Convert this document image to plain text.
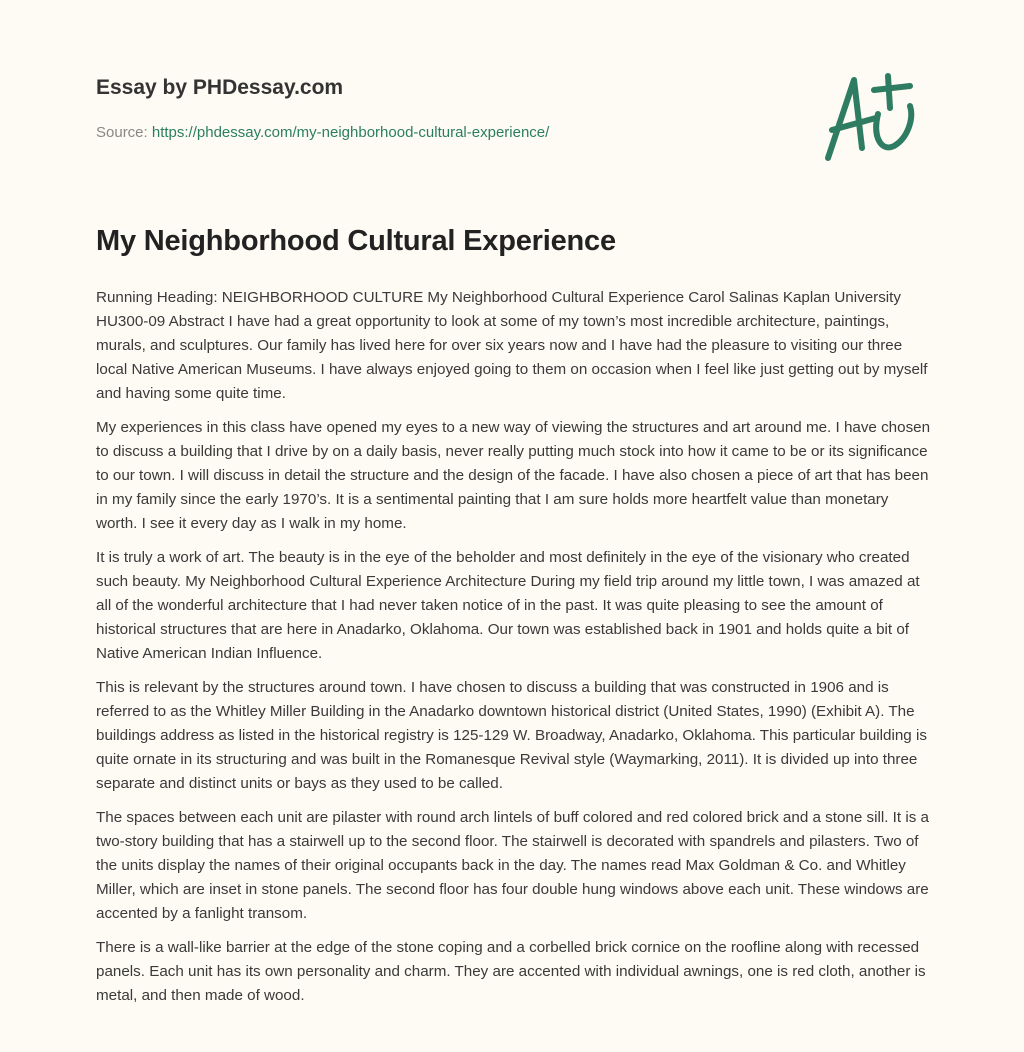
Essay by PHDessay.com
Source: https://phdessay.com/my-neighborhood-cultural-experience/
My Neighborhood Cultural Experience

Running Heading: NEIGHBORHOOD CULTURE My Neighborhood Cultural Experience Carol Salinas Kaplan University HU300-09 Abstract I have had a great opportunity to look at some of my town’s most incredible architecture, paintings, murals, and sculptures. Our family has lived here for over six years now and I have had the pleasure to visiting our three local Native American Museums. I have always enjoyed going to them on occasion when I feel like just getting out by myself and having some quite time.

My experiences in this class have opened my eyes to a new way of viewing the structures and art around me. I have chosen to discuss a building that I drive by on a daily basis, never really putting much stock into how it came to be or its significance to our town. I will discuss in detail the structure and the design of the facade. I have also chosen a piece of art that has been in my family since the early 1970’s. It is a sentimental painting that I am sure holds more heartfelt value than monetary worth. I see it every day as I walk in my home.

It is truly a work of art. The beauty is in the eye of the beholder and most definitely in the eye of the visionary who created such beauty. My Neighborhood Cultural Experience Architecture During my field trip around my little town, I was amazed at all of the wonderful architecture that I had never taken notice of in the past. It was quite pleasing to see the amount of historical structures that are here in Anadarko, Oklahoma. Our town was established back in 1901 and holds quite a bit of Native American Indian Influence.

This is relevant by the structures around town. I have chosen to discuss a building that was constructed in 1906 and is referred to as the Whitley Miller Building in the Anadarko downtown historical district (United States, 1990) (Exhibit A). The buildings address as listed in the historical registry is 125-129 W. Broadway, Anadarko, Oklahoma. This particular building is quite ornate in its structuring and was built in the Romanesque Revival style (Waymarking, 2011). It is divided up into three separate and distinct units or bays as they used to be called.

The spaces between each unit are pilaster with round arch lintels of buff colored and red colored brick and a stone sill. It is a two-story building that has a stairwell up to the second floor. The stairwell is decorated with spandrels and pilasters. Two of the units display the names of their original occupants back in the day. The names read Max Goldman & Co. and Whitley Miller, which are inset in stone panels. The second floor has four double hung windows above each unit. These windows are accented by a fanlight transom.

There is a wall-like barrier at the edge of the stone coping and a corbelled brick cornice on the roofline along with recessed panels. Each unit has its own personality and charm. They are accented with individual awnings, one is red cloth, another is metal, and then made of wood.
